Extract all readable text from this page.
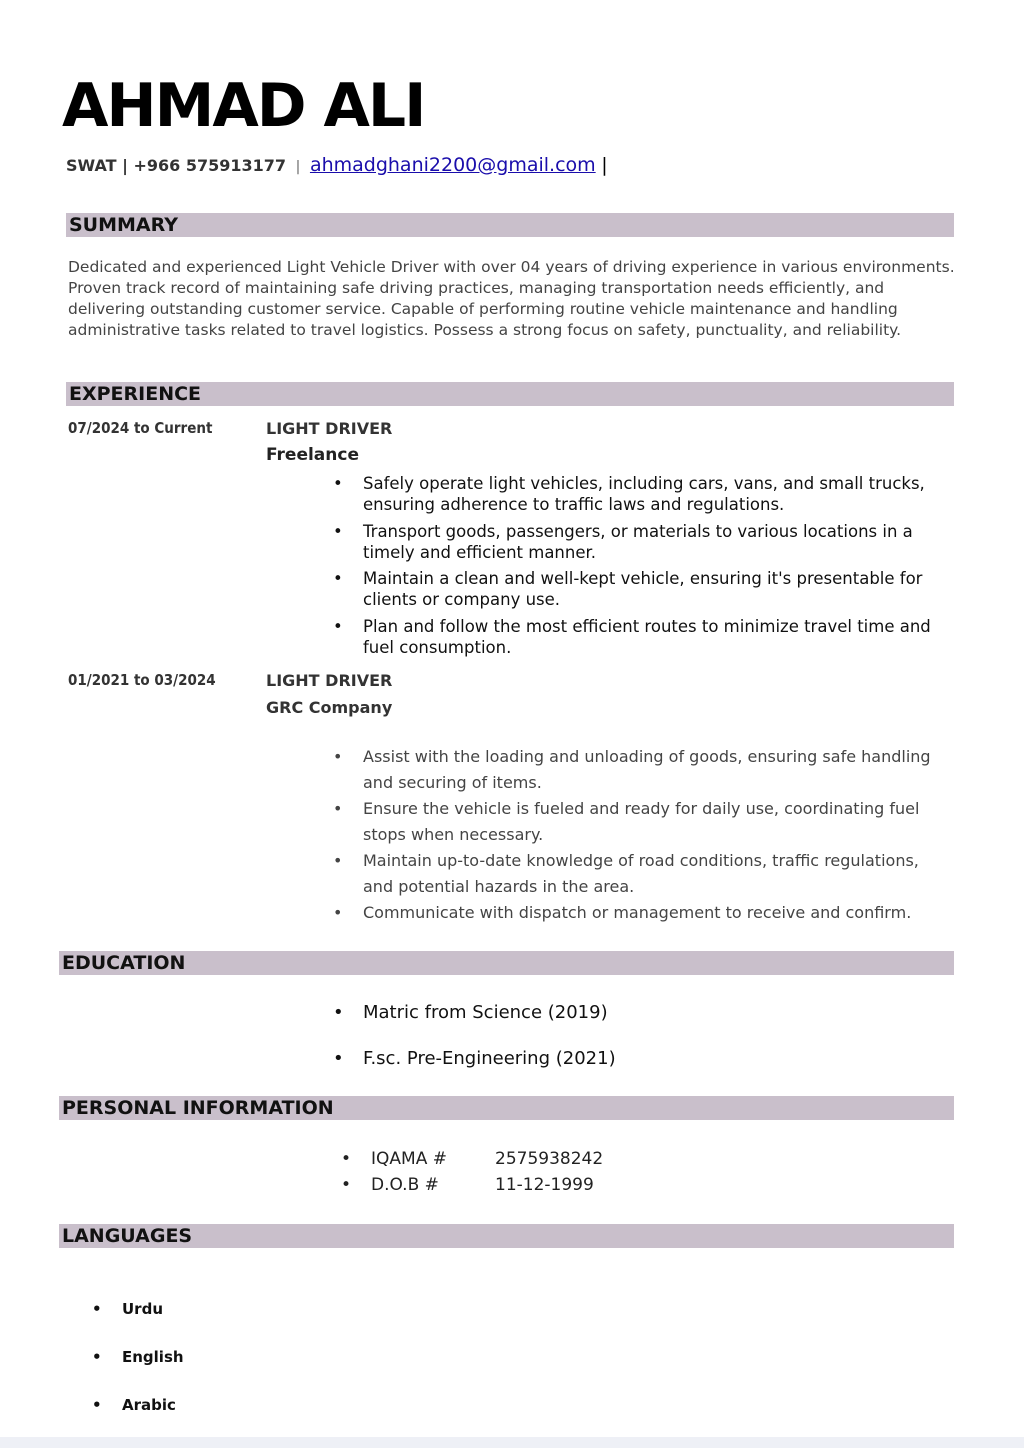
AHMAD ALI
SWAT | +966 575913177 | ahmadghani2200@gmail.com |
SUMMARY
Dedicated and experienced Light Vehicle Driver with over 04 years of driving experience in various environments. Proven track record of maintaining safe driving practices, managing transportation needs efficiently, and delivering outstanding customer service. Capable of performing routine vehicle maintenance and handling administrative tasks related to travel logistics. Possess a strong focus on safety, punctuality, and reliability.
EXPERIENCE
07/2024 to Current	LIGHT DRIVER
Freelance
• Safely operate light vehicles, including cars, vans, and small trucks, ensuring adherence to traffic laws and regulations.
• Transport goods, passengers, or materials to various locations in a timely and efficient manner.
• Maintain a clean and well-kept vehicle, ensuring it's presentable for clients or company use.
• Plan and follow the most efficient routes to minimize travel time and fuel consumption.
01/2021 to 03/2024	LIGHT DRIVER
GRC Company
• Assist with the loading and unloading of goods, ensuring safe handling and securing of items.
• Ensure the vehicle is fueled and ready for daily use, coordinating fuel stops when necessary.
• Maintain up-to-date knowledge of road conditions, traffic regulations, and potential hazards in the area.
• Communicate with dispatch or management to receive and confirm.
EDUCATION
• Matric from Science (2019)
• F.sc. Pre-Engineering (2021)
PERSONAL INFORMATION
• IQAMA #	2575938242
• D.O.B #	11-12-1999
LANGUAGES
• Urdu
• English
• Arabic
